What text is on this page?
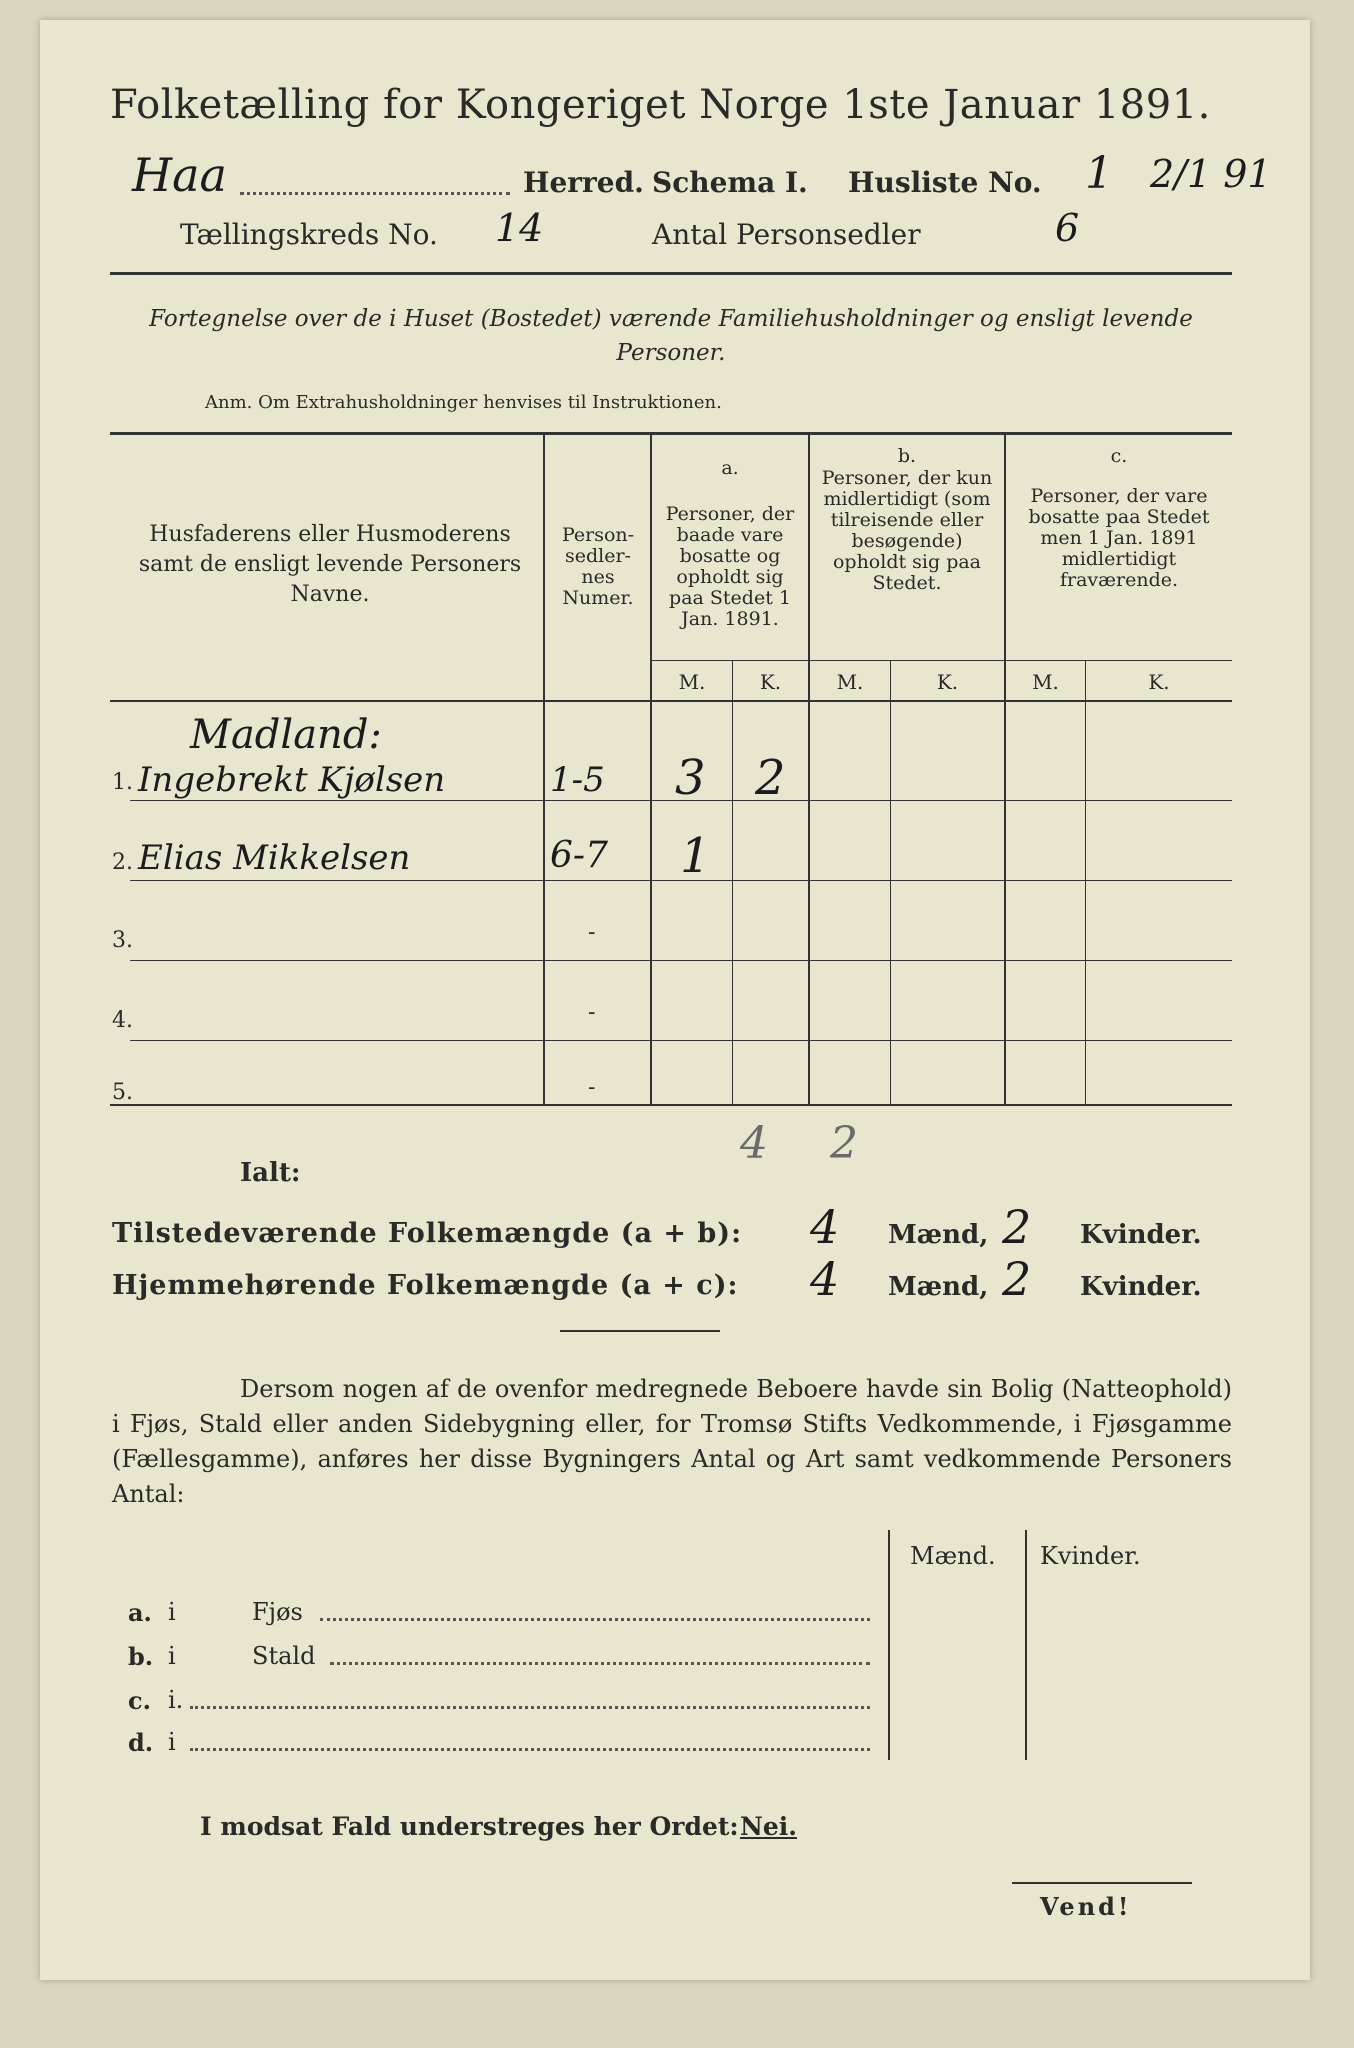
Folketælling for Kongeriget Norge 1ste Januar 1891.
Haa	Herred. Schema I. Husliste No. 1 2/1 91
Tællingskreds No. 14	Antal Personsedler	6
Fortegnelse over de i Huset (Bostedet) værende Familiehusholdninger og ensligt levende Personer.
Anm. Om Extrahusholdninger henvises til Instruktionen.
Husfaderens eller Husmoderens samt de ensligt levende Personers Navne.
Person-sedler-nes Numer.
a.
Personer, der baade vare bosatte og opholdt sig paa Stedet 1 Jan. 1891.
b.
Personer, der kun midlertidigt (som tilreisende eller besøgende) opholdt sig paa Stedet.
c.
Personer, der vare bosatte paa Stedet men 1 Jan. 1891 midlertidigt fraværende.
M.	K.	M.	K.	M.	K.
Madland:
1. Ingebrekt Kjølsen	1-5 3 2
2. Elias Mikkelsen	6-7 1
3.	-
4.	-
5.	-
Ialt:
4 2
Tilstedeværende Folkemængde (a + b): 4 Mænd, 2 Kvinder.
Hjemmehørende Folkemængde (a + c): 4 Mænd, 2 Kvinder.
Dersom nogen af de ovenfor medregnede Beboere havde sin Bolig (Natteophold) i Fjøs, Stald eller anden Sidebygning eller, for Tromsø Stifts Vedkommende, i Fjøsgamme (Fællesgamme), anføres her disse Bygningers Antal og Art samt vedkommende Personers Antal:
Mænd. Kvinder.
a. i	Fjøs
b. i	Stald
c. i.
d. i
I modsat Fald understreges her Ordet: Nei.
Vend!
